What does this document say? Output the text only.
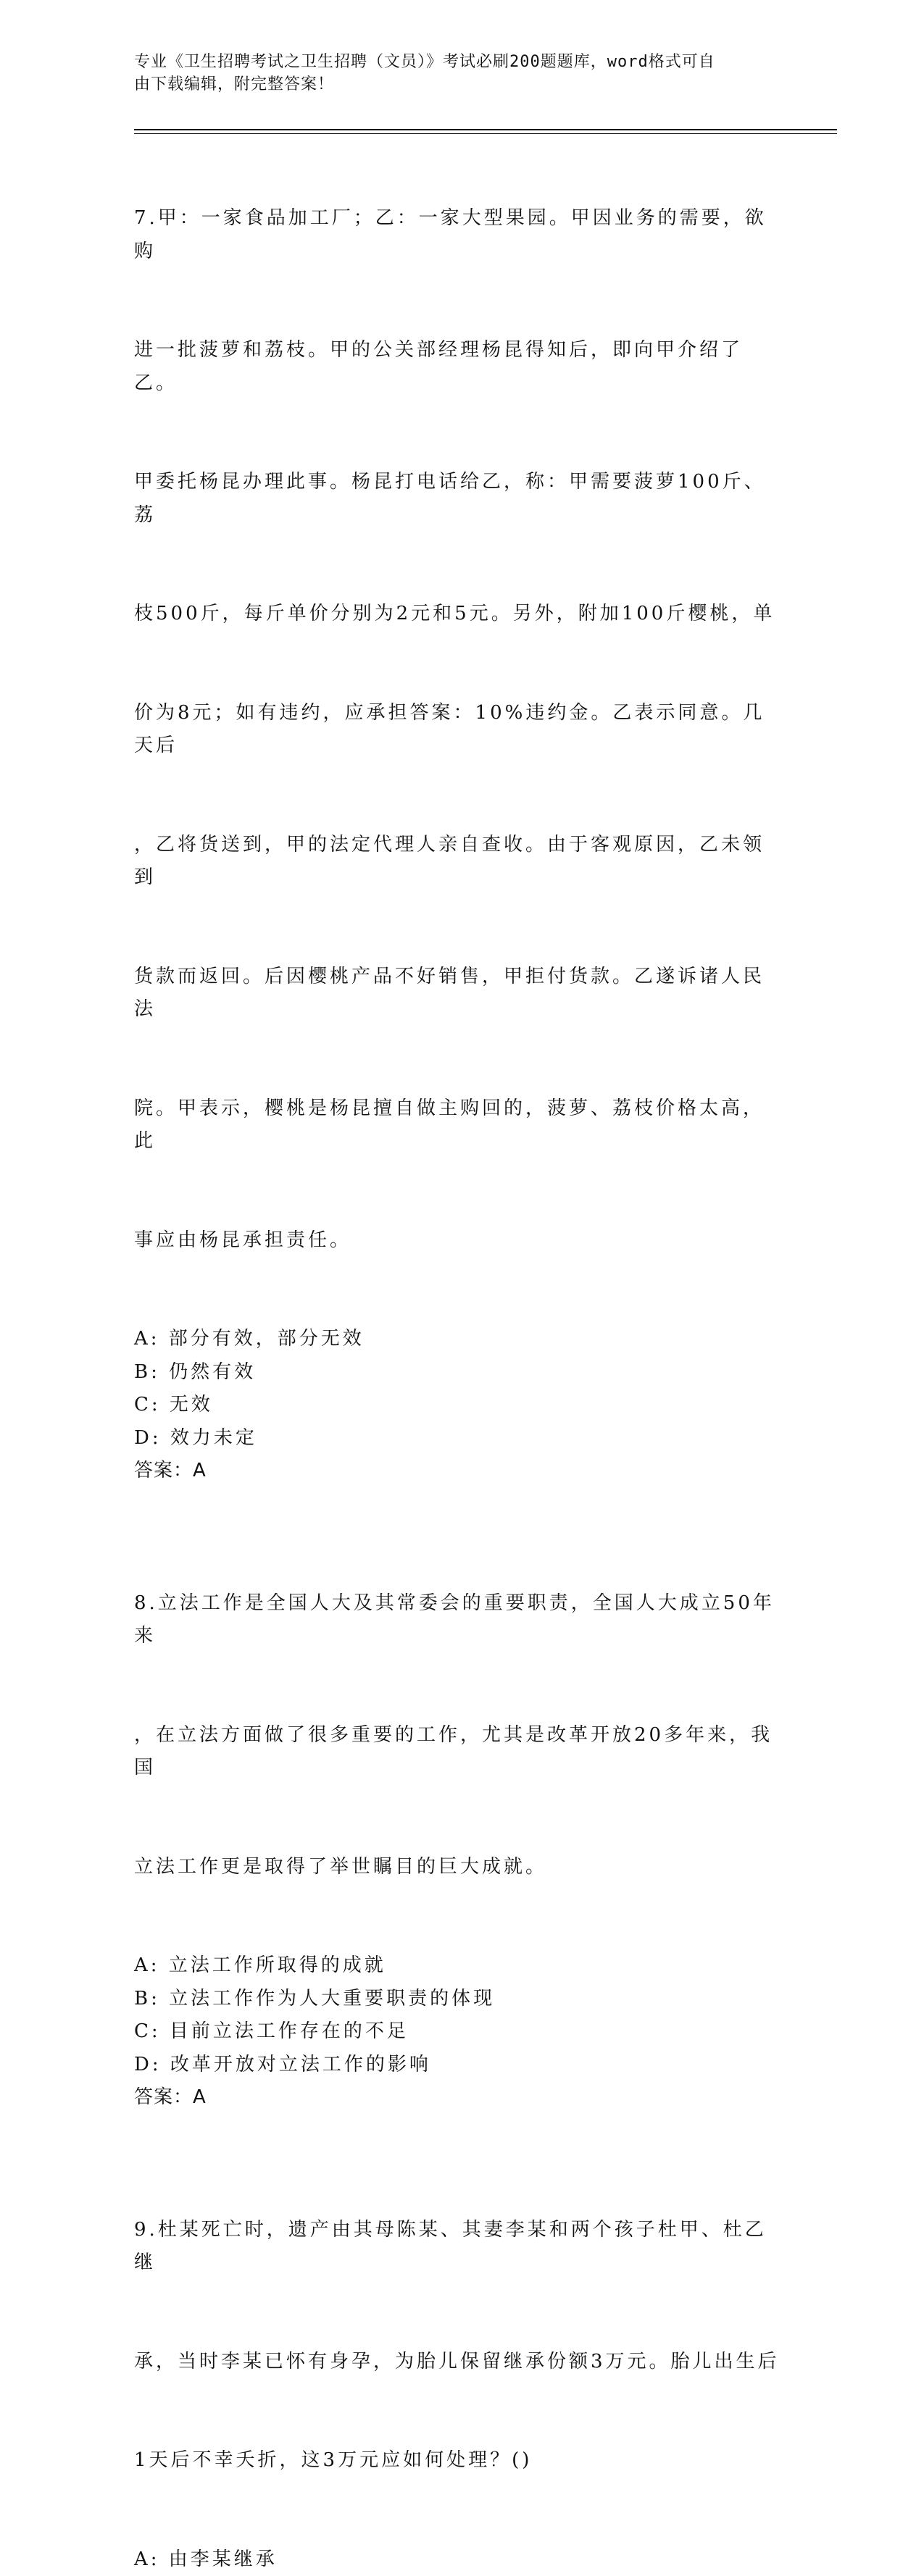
专业《卫生招聘考试之卫生招聘（文员）》考试必刷200题题库，word格式可自
由下载编辑，附完整答案！

7.甲：一家食品加工厂；乙：一家大型果园。甲因业务的需要，欲购

进一批菠萝和荔枝。甲的公关部经理杨昆得知后，即向甲介绍了乙。

甲委托杨昆办理此事。杨昆打电话给乙，称：甲需要菠萝100斤、荔

枝500斤，每斤单价分别为2元和5元。另外，附加100斤樱桃，单

价为8元；如有违约，应承担答案：10%违约金。乙表示同意。几天后

，乙将货送到，甲的法定代理人亲自查收。由于客观原因，乙未领到

货款而返回。后因樱桃产品不好销售，甲拒付货款。乙遂诉诸人民法

院。甲表示，樱桃是杨昆擅自做主购回的，菠萝、荔枝价格太高，此

事应由杨昆承担责任。

A: 部分有效，部分无效
B: 仍然有效
C: 无效
D: 效力未定
答案：A

8.立法工作是全国人大及其常委会的重要职责，全国人大成立50年来

，在立法方面做了很多重要的工作，尤其是改革开放20多年来，我国

立法工作更是取得了举世瞩目的巨大成就。

A: 立法工作所取得的成就
B: 立法工作作为人大重要职责的体现
C: 目前立法工作存在的不足
D: 改革开放对立法工作的影响
答案：A

9.杜某死亡时，遗产由其母陈某、其妻李某和两个孩子杜甲、杜乙继

承，当时李某已怀有身孕，为胎儿保留继承份额3万元。胎儿出生后

1天后不幸夭折，这3万元应如何处理？()

A: 由李某继承
